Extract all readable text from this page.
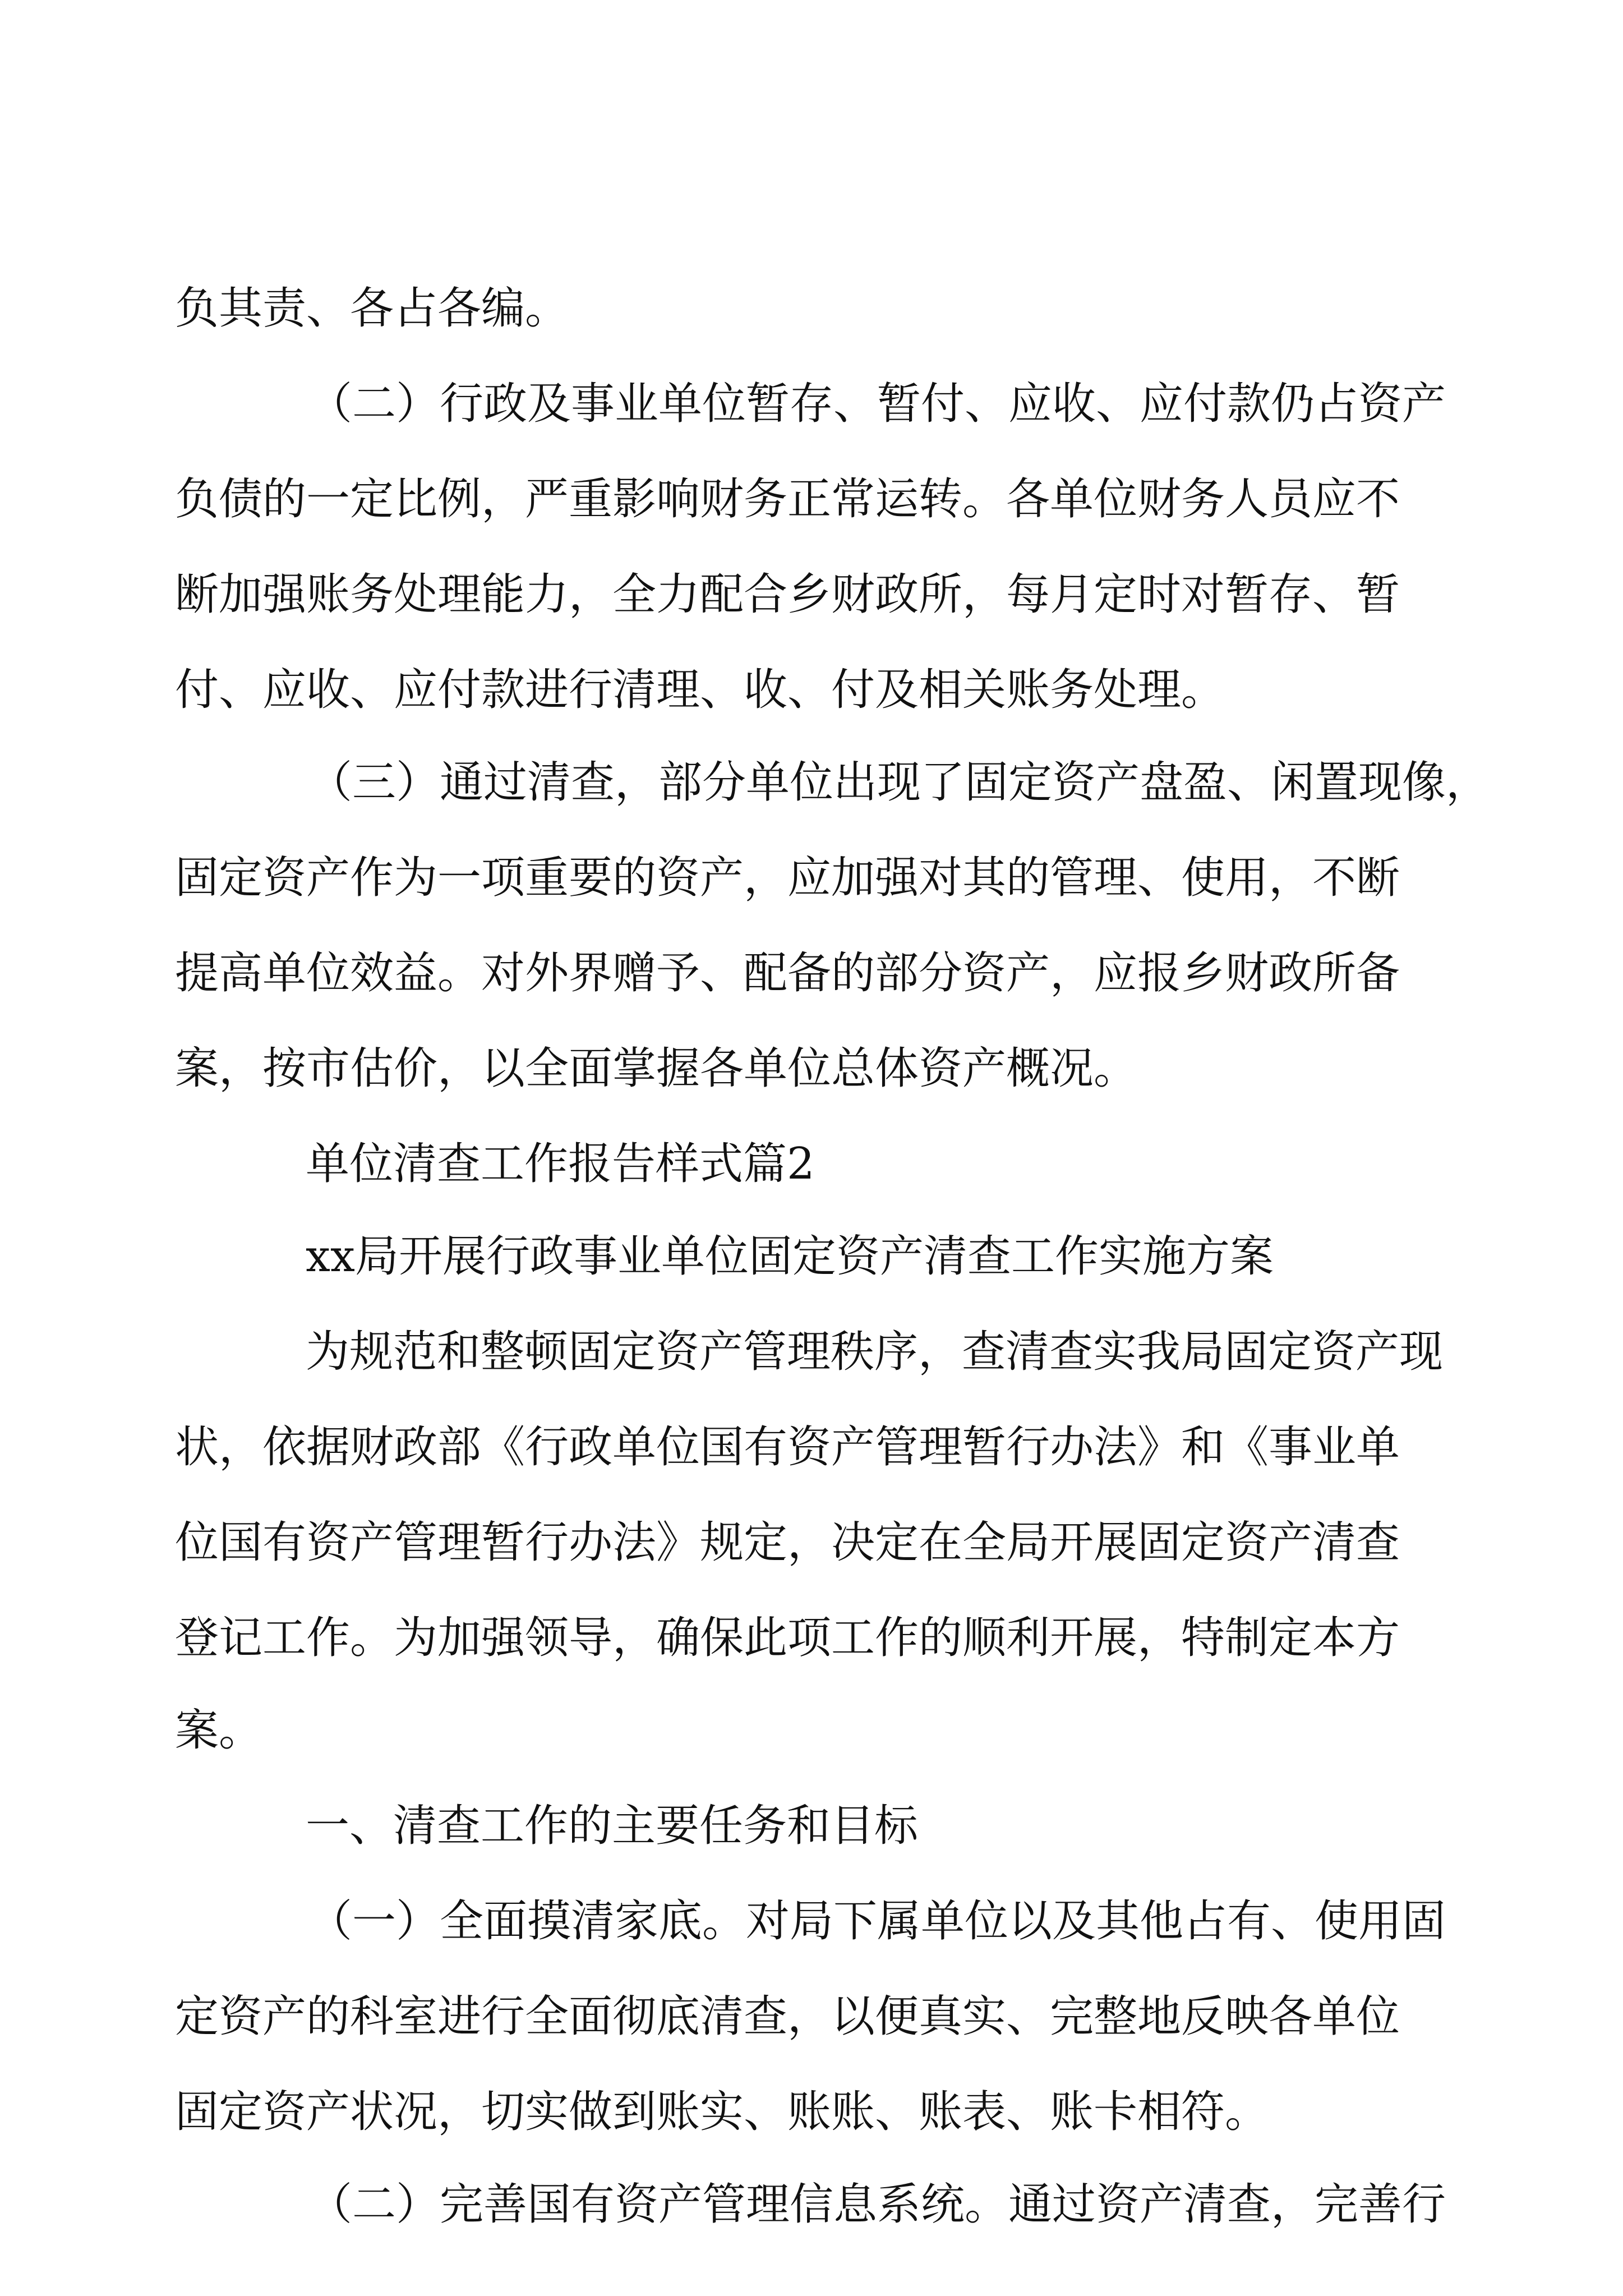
负其责、各占各编。
（二）行政及事业单位暂存、暂付、应收、应付款仍占资产
负债的一定比例，严重影响财务正常运转。各单位财务人员应不
断加强账务处理能力，全力配合乡财政所，每月定时对暂存、暂
付、应收、应付款进行清理、收、付及相关账务处理。
（三）通过清查，部分单位出现了固定资产盘盈、闲置现像，
固定资产作为一项重要的资产，应加强对其的管理、使用，不断
提高单位效益。对外界赠予、配备的部分资产，应报乡财政所备
案，按市估价，以全面掌握各单位总体资产概况。
单位清查工作报告样式篇2
xx局开展行政事业单位固定资产清查工作实施方案
为规范和整顿固定资产管理秩序，查清查实我局固定资产现
状，依据财政部《行政单位国有资产管理暂行办法》和《事业单
位国有资产管理暂行办法》规定，决定在全局开展固定资产清查
登记工作。为加强领导，确保此项工作的顺利开展，特制定本方
案。
一、清查工作的主要任务和目标
（一）全面摸清家底。对局下属单位以及其他占有、使用固
定资产的科室进行全面彻底清查，以便真实、完整地反映各单位
固定资产状况，切实做到账实、账账、账表、账卡相符。
（二）完善国有资产管理信息系统。通过资产清查，完善行
